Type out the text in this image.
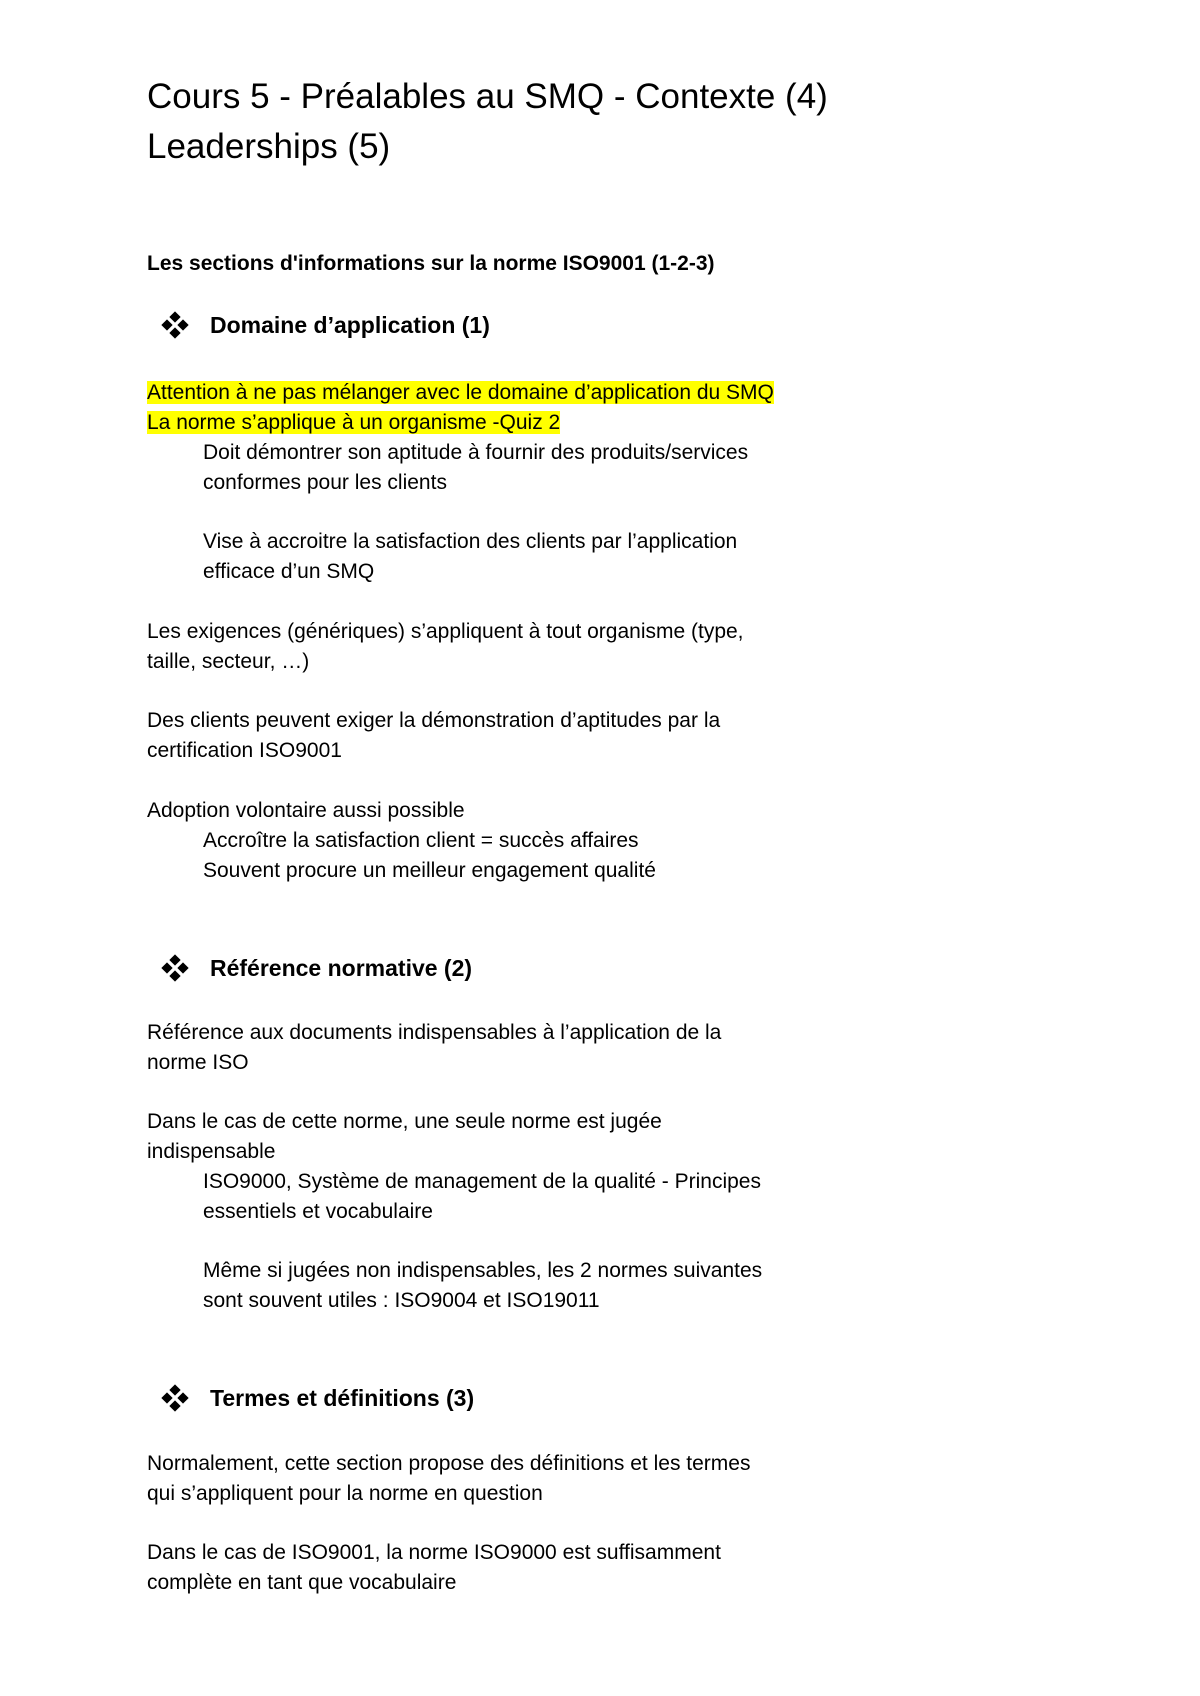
Cours 5 - Préalables au SMQ - Contexte (4)
Leaderships (5)

Les sections d'informations sur la norme ISO9001 (1-2-3)

Domaine d’application (1)

Attention à ne pas mélanger avec le domaine d’application du SMQ
La norme s’applique à un organisme -Quiz 2

Doit démontrer son aptitude à fournir des produits/services
conformes pour les clients

Vise à accroitre la satisfaction des clients par l’application
efficace d’un SMQ

Les exigences (génériques) s’appliquent à tout organisme (type,
taille, secteur, …)

Des clients peuvent exiger la démonstration d’aptitudes par la
certification ISO9001

Adoption volontaire aussi possible

Accroître la satisfaction client = succès affaires
Souvent procure un meilleur engagement qualité

Référence normative (2)

Référence aux documents indispensables à l’application de la
norme ISO

Dans le cas de cette norme, une seule norme est jugée
indispensable

ISO9000, Système de management de la qualité - Principes
essentiels et vocabulaire

Même si jugées non indispensables, les 2 normes suivantes
sont souvent utiles : ISO9004 et ISO19011

Termes et définitions (3)

Normalement, cette section propose des définitions et les termes
qui s’appliquent pour la norme en question

Dans le cas de ISO9001, la norme ISO9000 est suffisamment
complète en tant que vocabulaire
